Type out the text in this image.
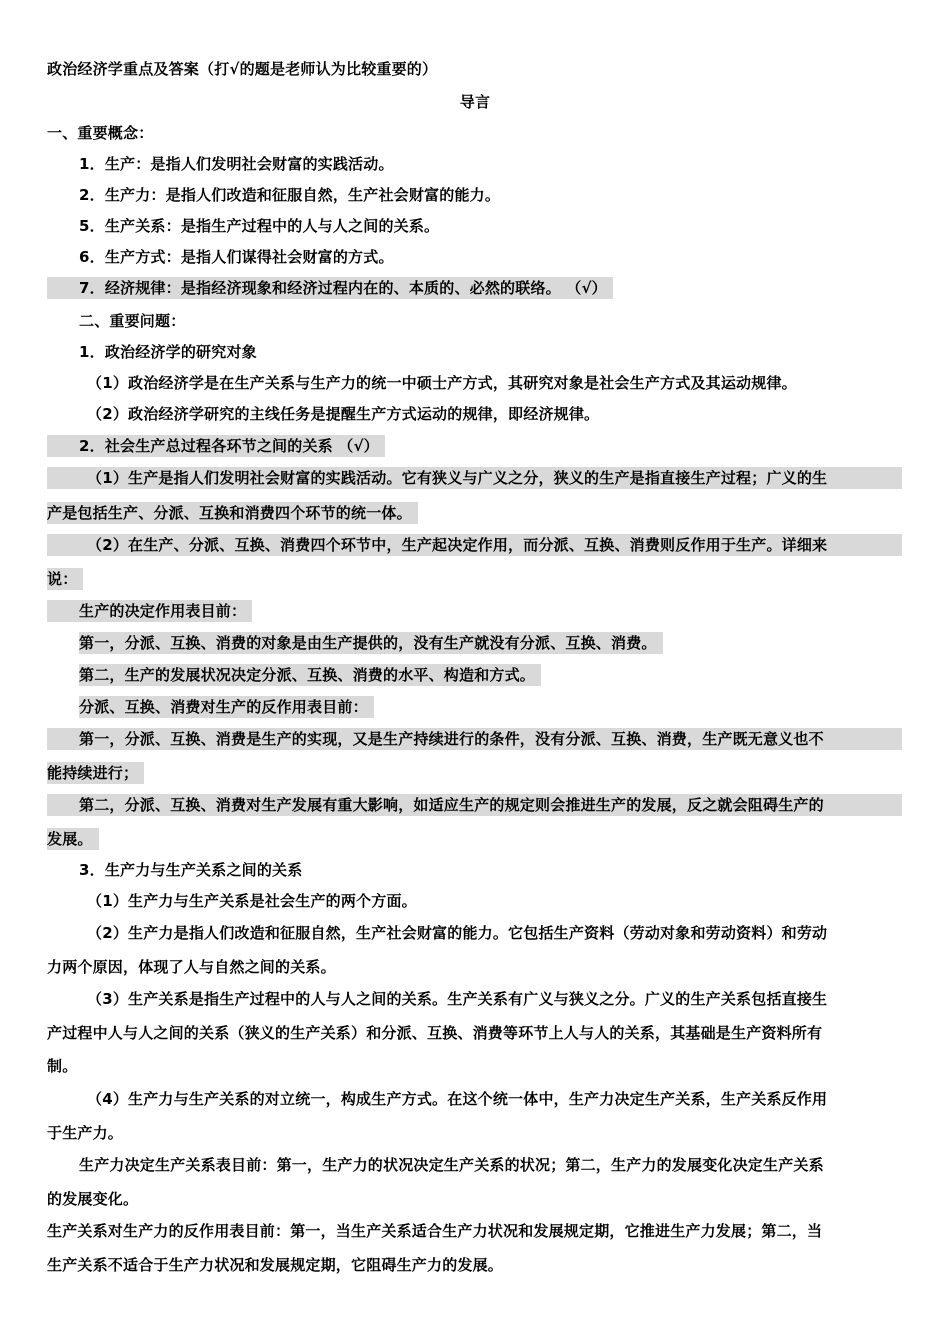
政治经济学重点及答案（打√的题是老师认为比较重要的）
导言
一、重要概念：
1．生产：是指人们发明社会财富的实践活动。
2．生产力：是指人们改造和征服自然，生产社会财富的能力。
5．生产关系：是指生产过程中的人与人之间的关系。
6．生产方式：是指人们谋得社会财富的方式。
7．经济规律：是指经济现象和经济过程内在的、本质的、必然的联络。 （√）
二、重要问题：
1．政治经济学的研究对象
（1）政治经济学是在生产关系与生产力的统一中硕士产方式，其研究对象是社会生产方式及其运动规律。
（2）政治经济学研究的主线任务是提醒生产方式运动的规律，即经济规律。
2．社会生产总过程各环节之间的关系 （√）
（1）生产是指人们发明社会财富的实践活动。它有狭义与广义之分，狭义的生产是指直接生产过程；广义的生
产是包括生产、分派、互换和消费四个环节的统一体。
（2）在生产、分派、互换、消费四个环节中，生产起决定作用，而分派、互换、消费则反作用于生产。详细来
说：
生产的决定作用表目前：
第一，分派、互换、消费的对象是由生产提供的，没有生产就没有分派、互换、消费。
第二，生产的发展状况决定分派、互换、消费的水平、构造和方式。
分派、互换、消费对生产的反作用表目前：
第一，分派、互换、消费是生产的实现，又是生产持续进行的条件，没有分派、互换、消费，生产既无意义也不
能持续进行；
第二，分派、互换、消费对生产发展有重大影响，如适应生产的规定则会推进生产的发展，反之就会阻碍生产的
发展。
3．生产力与生产关系之间的关系
（1）生产力与生产关系是社会生产的两个方面。
（2）生产力是指人们改造和征服自然，生产社会财富的能力。它包括生产资料（劳动对象和劳动资料）和劳动
力两个原因，体现了人与自然之间的关系。
（3）生产关系是指生产过程中的人与人之间的关系。生产关系有广义与狭义之分。广义的生产关系包括直接生
产过程中人与人之间的关系（狭义的生产关系）和分派、互换、消费等环节上人与人的关系，其基础是生产资料所有
制。
（4）生产力与生产关系的对立统一，构成生产方式。在这个统一体中，生产力决定生产关系，生产关系反作用
于生产力。
生产力决定生产关系表目前：第一，生产力的状况决定生产关系的状况；第二，生产力的发展变化决定生产关系
的发展变化。
生产关系对生产力的反作用表目前：第一，当生产关系适合生产力状况和发展规定期，它推进生产力发展；第二，当
生产关系不适合于生产力状况和发展规定期，它阻碍生产力的发展。
